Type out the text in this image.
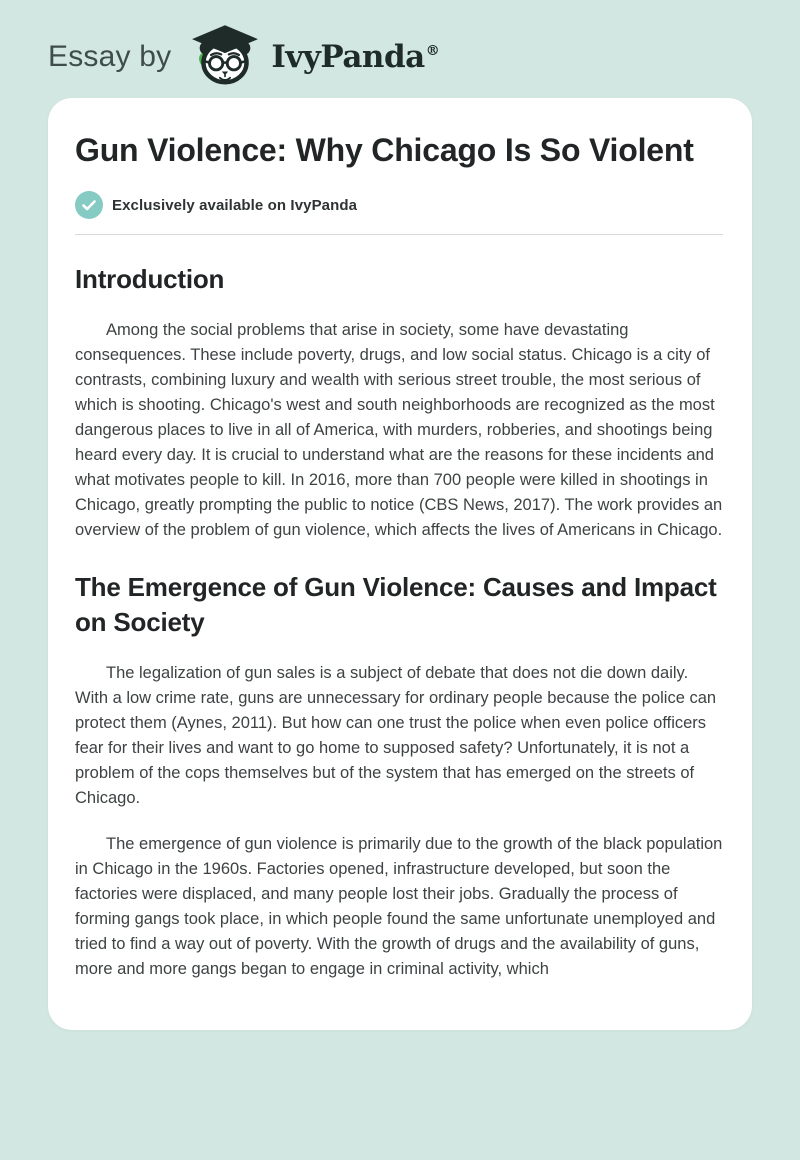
Essay by	IvyPanda®
Gun Violence: Why Chicago Is So Violent
Exclusively available on IvyPanda
Introduction

Among the social problems that arise in society, some have devastating consequences. These include poverty, drugs, and low social status. Chicago is a city of contrasts, combining luxury and wealth with serious street trouble, the most serious of which is shooting. Chicago's west and south neighborhoods are recognized as the most dangerous places to live in all of America, with murders, robberies, and shootings being heard every day. It is crucial to understand what are the reasons for these incidents and what motivates people to kill. In 2016, more than 700 people were killed in shootings in Chicago, greatly prompting the public to notice (CBS News, 2017). The work provides an overview of the problem of gun violence, which affects the lives of Americans in Chicago.

The Emergence of Gun Violence: Causes and Impact on Society

The legalization of gun sales is a subject of debate that does not die down daily. With a low crime rate, guns are unnecessary for ordinary people because the police can protect them (Aynes, 2011). But how can one trust the police when even police officers fear for their lives and want to go home to supposed safety? Unfortunately, it is not a problem of the cops themselves but of the system that has emerged on the streets of Chicago.

The emergence of gun violence is primarily due to the growth of the black population in Chicago in the 1960s. Factories opened, infrastructure developed, but soon the factories were displaced, and many people lost their jobs. Gradually the process of forming gangs took place, in which people found the same unfortunate unemployed and tried to find a way out of poverty. With the growth of drugs and the availability of guns, more and more gangs began to engage in criminal activity, which
